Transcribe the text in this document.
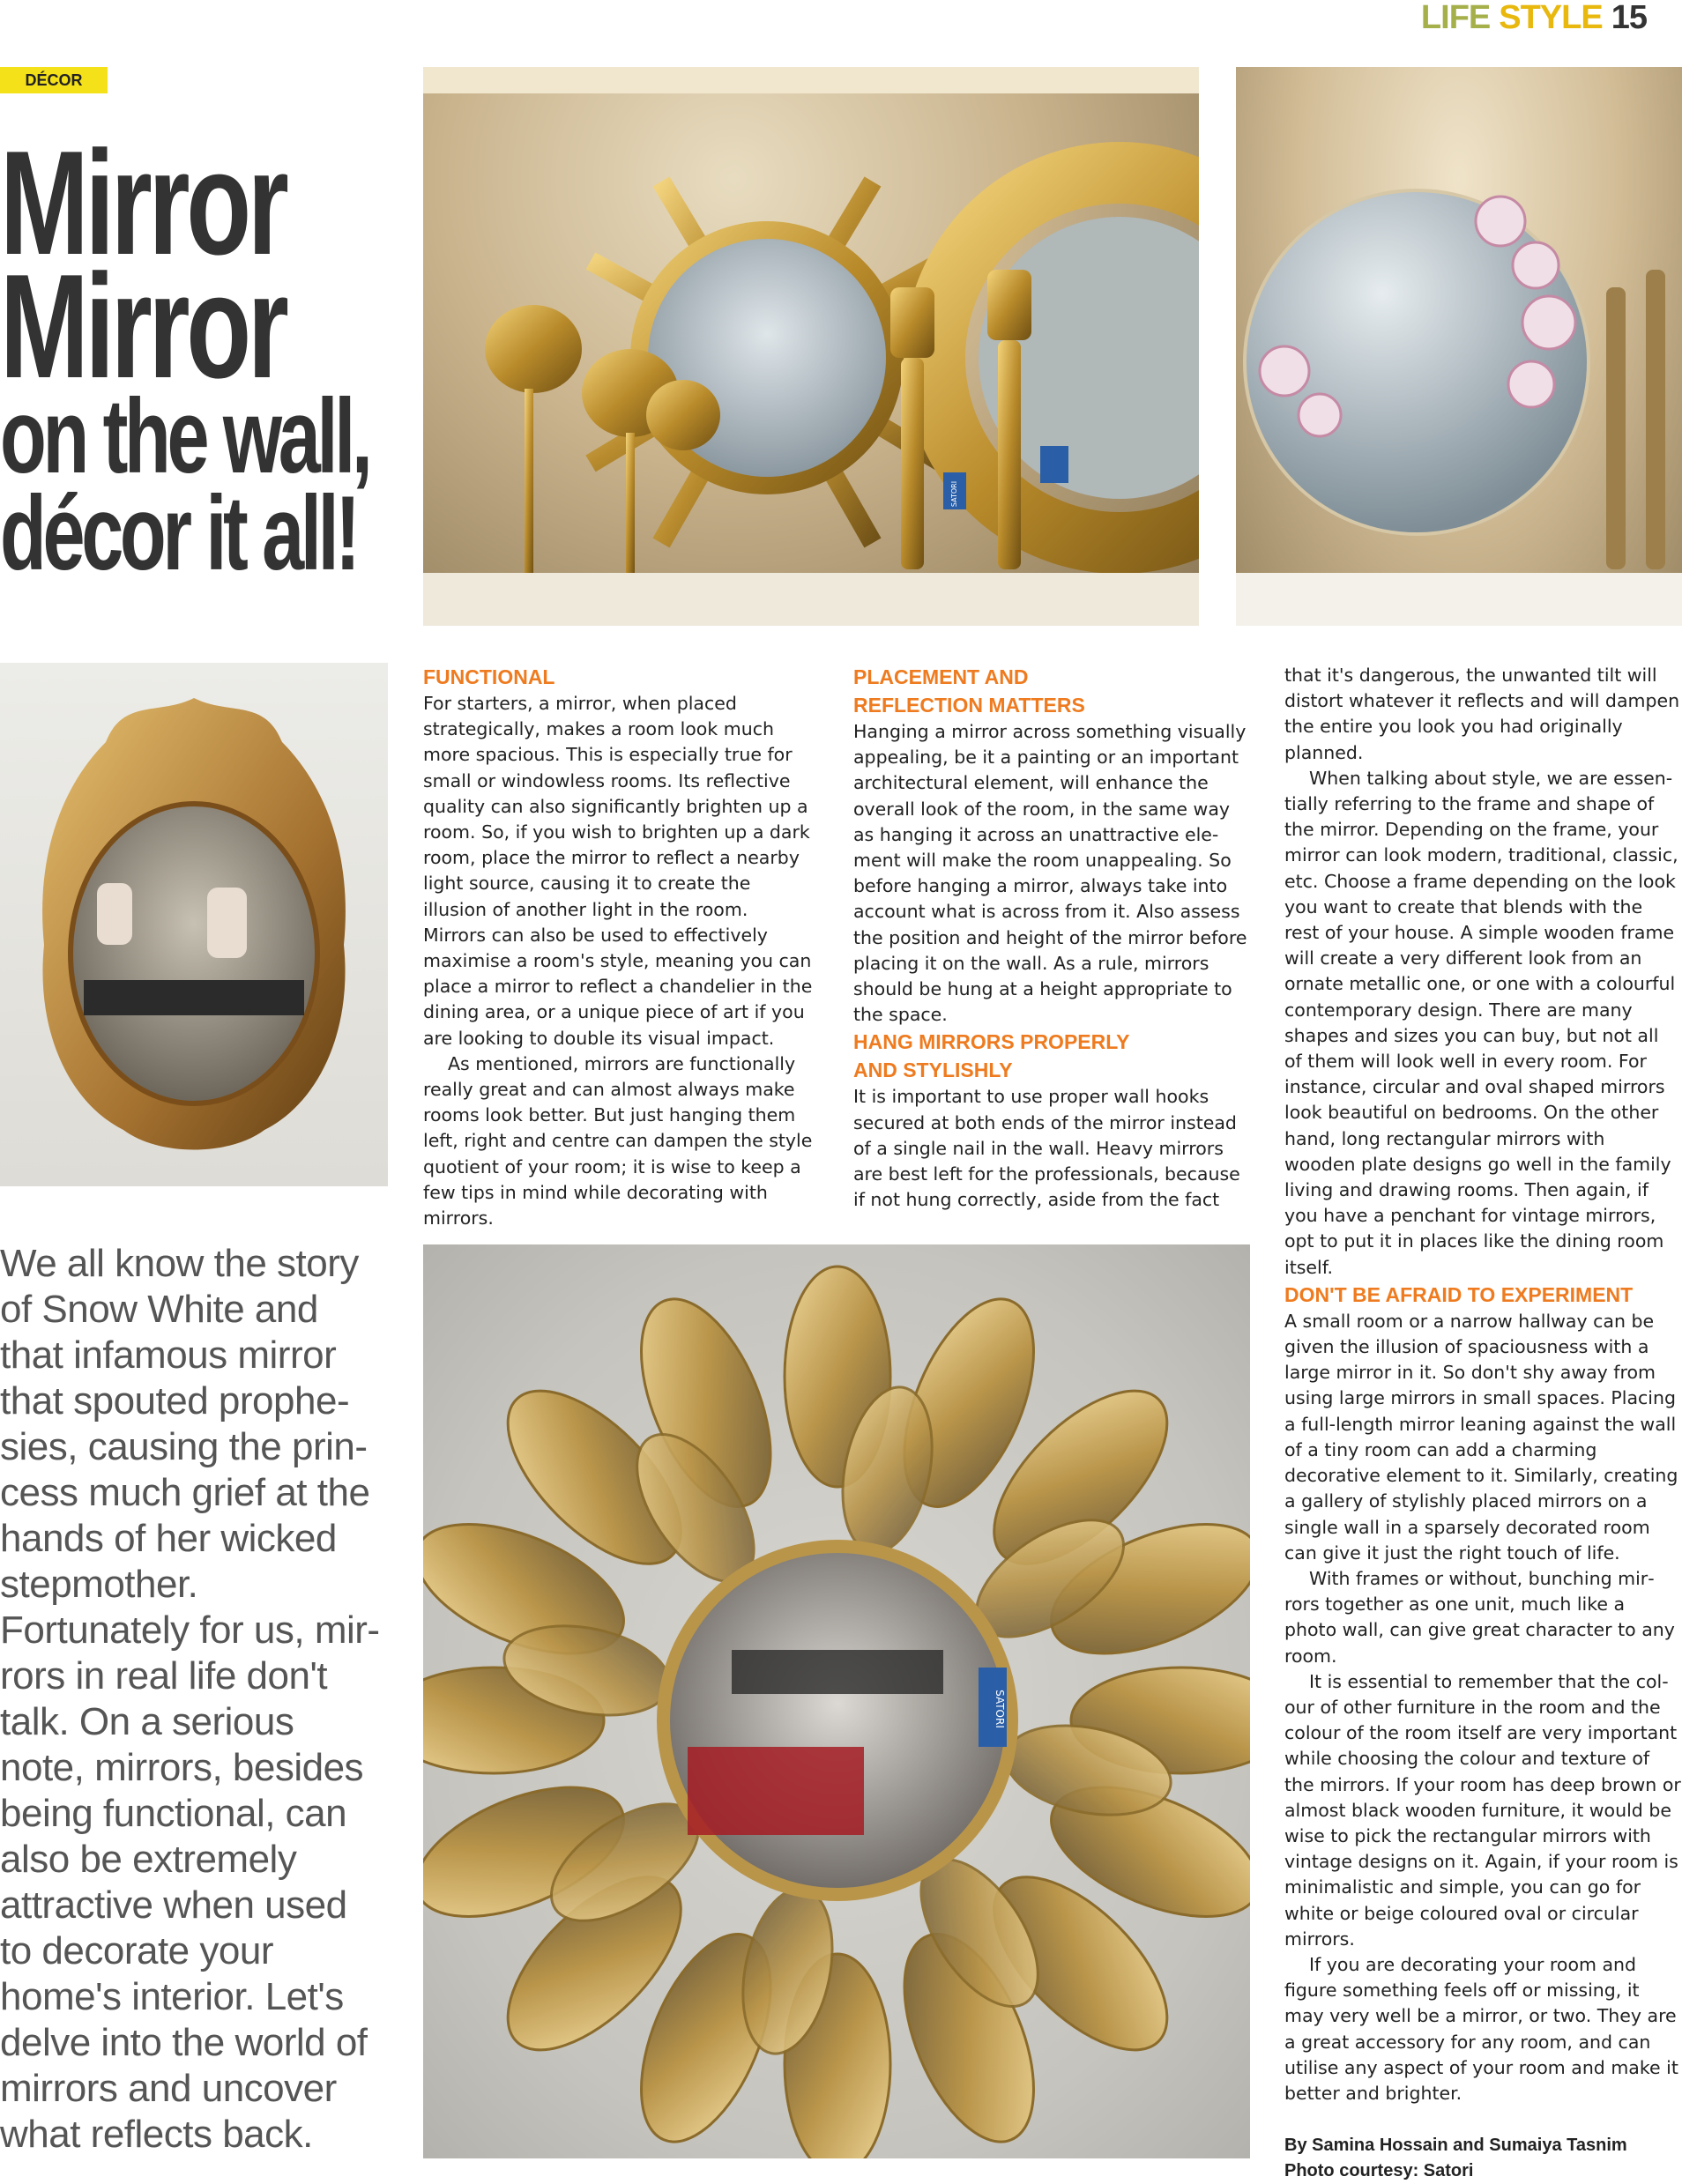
LIFE STYLE 15
DÉCOR
Mirror
Mirror
on the wall,
décor it all!	SATORI
SATORI
We all know the story of Snow White and that infamous mirror that spouted prophesies, causing the princess much grief at the hands of her wicked stepmother. Fortunately for us, mirrors in real life don't talk. On a serious note, mirrors, besides being functional, can also be extremely attractive when used to decorate your home's interior. Let's delve into the world of mirrors and uncover what reflects back.
FUNCTIONAL

For starters, a mirror, when placed strategically, makes a room look much more spacious. This is especially true for small or windowless rooms. Its reflective quality can also significantly brighten up a room. So, if you wish to brighten up a dark room, place the mirror to reflect a nearby light source, causing it to create the illusion of another light in the room. Mirrors can also be used to effectively maximise a room's style, meaning you can place a mirror to reflect a chandelier in the dining area, or a unique piece of art if you are looking to double its visual impact.

As mentioned, mirrors are functionally really great and can almost always make rooms look better. But just hanging them left, right and centre can dampen the style quotient of your room; it is wise to keep a few tips in mind while decorating with mirrors.

PLACEMENT AND
REFLECTION MATTERS

Hanging a mirror across something visually appealing, be it a painting or an important architectural element, will enhance the overall look of the room, in the same way as hanging it across an unattractive element will make the room unappealing. So before hanging a mirror, always take into account what is across from it. Also assess the position and height of the mirror before placing it on the wall. As a rule, mirrors should be hung at a height appropriate to the space.

HANG MIRRORS PROPERLY
AND STYLISHLY

It is important to use proper wall hooks secured at both ends of the mirror instead of a single nail in the wall. Heavy mirrors are best left for the professionals, because if not hung correctly, aside from the fact

that it's dangerous, the unwanted tilt will distort whatever it reflects and will dampen the entire you look you had originally planned.

When talking about style, we are essentially referring to the frame and shape of the mirror. Depending on the frame, your mirror can look modern, traditional, classic, etc. Choose a frame depending on the look you want to create that blends with the rest of your house. A simple wooden frame will create a very different look from an ornate metallic one, or one with a colourful contemporary design. There are many shapes and sizes you can buy, but not all of them will look well in every room. For instance, circular and oval shaped mirrors look beautiful on bedrooms. On the other hand, long rectangular mirrors with wooden plate designs go well in the family living and drawing rooms. Then again, if you have a penchant for vintage mirrors, opt to put it in places like the dining room itself.

DON'T BE AFRAID TO EXPERIMENT

A small room or a narrow hallway can be given the illusion of spaciousness with a large mirror in it. So don't shy away from using large mirrors in small spaces. Placing a full-length mirror leaning against the wall of a tiny room can add a charming decorative element to it. Similarly, creating a gallery of stylishly placed mirrors on a single wall in a sparsely decorated room can give it just the right touch of life.

With frames or without, bunching mirrors together as one unit, much like a photo wall, can give great character to any room.

It is essential to remember that the colour of other furniture in the room and the colour of the room itself are very important while choosing the colour and texture of the mirrors. If your room has deep brown or almost black wooden furniture, it would be wise to pick the rectangular mirrors with vintage designs on it. Again, if your room is minimalistic and simple, you can go for white or beige coloured oval or circular mirrors.

If you are decorating your room and figure something feels off or missing, it may very well be a mirror, or two. They are a great accessory for any room, and can utilise any aspect of your room and make it better and brighter.

By Samina Hossain and Sumaiya Tasnim

Photo courtesy: Satori
